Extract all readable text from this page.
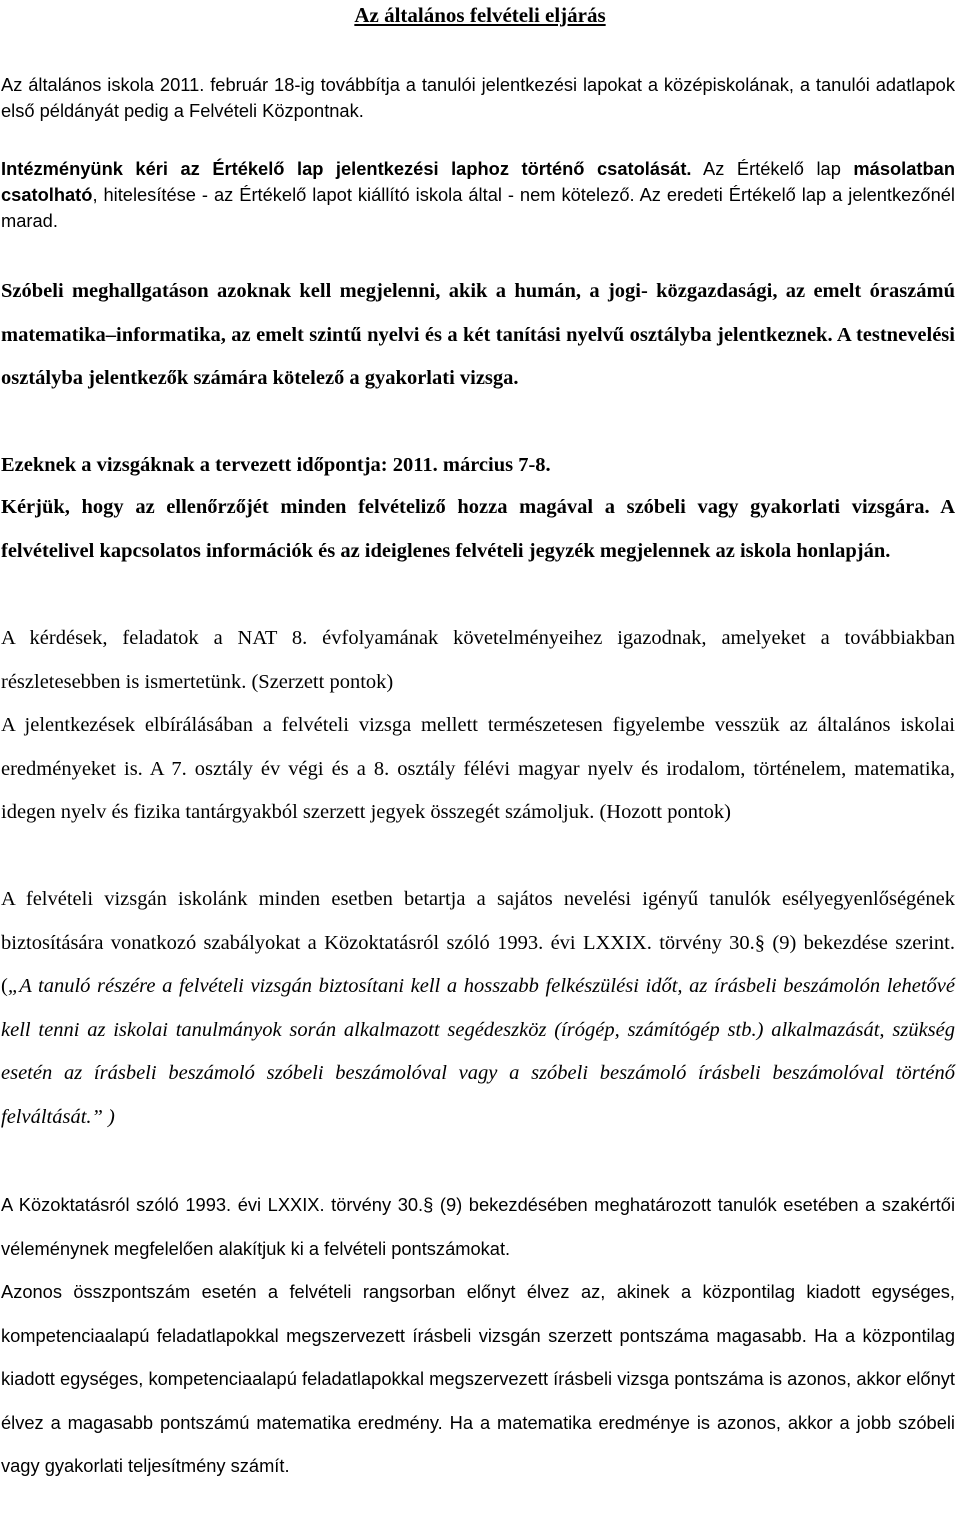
Az általános felvételi eljárás

Az általános iskola 2011. február 18-ig továbbítja a tanulói jelentkezési lapokat a középiskolának, a tanulói adatlapok első példányát pedig a Felvételi Központnak.

Intézményünk kéri az Értékelő lap jelentkezési laphoz történő csatolását. Az Értékelő lap másolatban csatolható, hitelesítése - az Értékelő lapot kiállító iskola által - nem kötelező. Az eredeti Értékelő lap a jelentkezőnél marad.

Szóbeli meghallgatáson azoknak kell megjelenni, akik a humán, a jogi- közgazdasági, az emelt óraszámú matematika–informatika, az emelt szintű nyelvi és a két tanítási nyelvű osztályba jelentkeznek. A testnevelési osztályba jelentkezők számára kötelező a gyakorlati vizsga.

Ezeknek a vizsgáknak a tervezett időpontja: 2011. március 7-8.

Kérjük, hogy az ellenőrzőjét minden felvételiző hozza magával a szóbeli vagy gyakorlati vizsgára. A felvételivel kapcsolatos információk és az ideiglenes felvételi jegyzék megjelennek az iskola honlapján.

A kérdések, feladatok a NAT 8. évfolyamának követelményeihez igazodnak, amelyeket a továbbiakban részletesebben is ismertetünk. (Szerzett pontok)

A jelentkezések elbírálásában a felvételi vizsga mellett természetesen figyelembe vesszük az általános iskolai eredményeket is. A 7. osztály év végi és a 8. osztály félévi magyar nyelv és irodalom, történelem, matematika, idegen nyelv és fizika tantárgyakból szerzett jegyek összegét számoljuk. (Hozott pontok)

A felvételi vizsgán iskolánk minden esetben betartja a sajátos nevelési igényű tanulók esélyegyenlőségének biztosítására vonatkozó szabályokat a Közoktatásról szóló 1993. évi LXXIX. törvény 30.§ (9) bekezdése szerint. („A tanuló részére a felvételi vizsgán biztosítani kell a hosszabb felkészülési időt, az írásbeli beszámolón lehetővé kell tenni az iskolai tanulmányok során alkalmazott segédeszköz (írógép, számítógép stb.) alkalmazását, szükség esetén az írásbeli beszámoló szóbeli beszámolóval vagy a szóbeli beszámoló írásbeli beszámolóval történő felváltását.” )

A Közoktatásról szóló 1993. évi LXXIX. törvény 30.§ (9) bekezdésében meghatározott tanulók esetében a szakértői véleménynek megfelelően alakítjuk ki a felvételi pontszámokat.

Azonos összpontszám esetén a felvételi rangsorban előnyt élvez az, akinek a központilag kiadott egységes, kompetenciaalapú feladatlapokkal megszervezett írásbeli vizsgán szerzett pontszáma magasabb. Ha a központilag kiadott egységes, kompetenciaalapú feladatlapokkal megszervezett írásbeli vizsga pontszáma is azonos, akkor előnyt élvez a magasabb pontszámú matematika eredmény. Ha a matematika eredménye is azonos, akkor a jobb szóbeli vagy gyakorlati teljesítmény számít.
